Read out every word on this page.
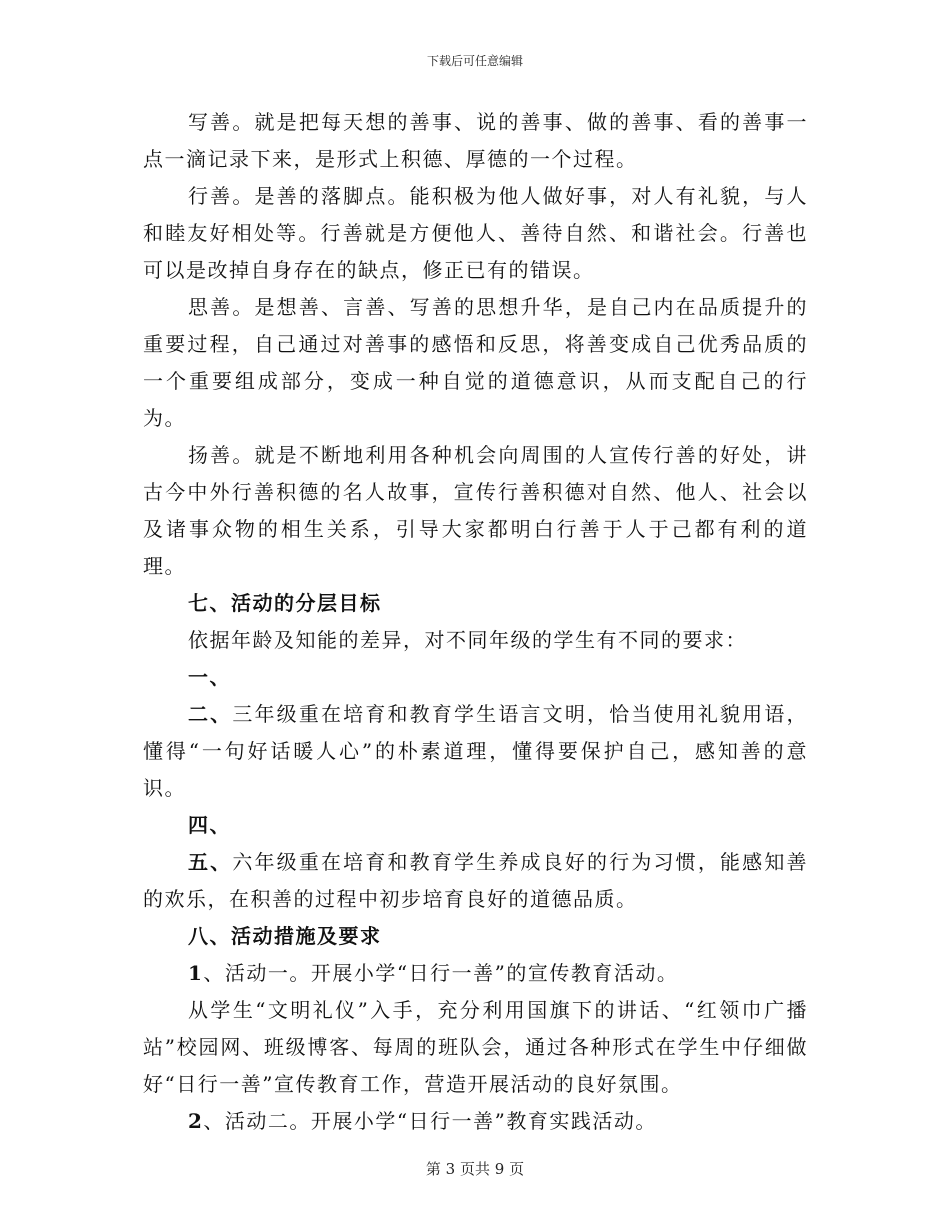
下载后可任意编辑

写善。就是把每天想的善事、说的善事、做的善事、看的善事一点一滴记录下来，是形式上积德、厚德的一个过程。

行善。是善的落脚点。能积极为他人做好事，对人有礼貌，与人和睦友好相处等。行善就是方便他人、善待自然、和谐社会。行善也可以是改掉自身存在的缺点，修正已有的错误。

思善。是想善、言善、写善的思想升华，是自己内在品质提升的重要过程，自己通过对善事的感悟和反思，将善变成自己优秀品质的一个重要组成部分，变成一种自觉的道德意识，从而支配自己的行为。

扬善。就是不断地利用各种机会向周围的人宣传行善的好处，讲古今中外行善积德的名人故事，宣传行善积德对自然、他人、社会以及诸事众物的相生关系，引导大家都明白行善于人于己都有利的道理。

七、活动的分层目标

依据年龄及知能的差异，对不同年级的学生有不同的要求：

一、

二、三年级重在培育和教育学生语言文明，恰当使用礼貌用语，懂得“一句好话暖人心”的朴素道理，懂得要保护自己，感知善的意识。

四、

五、六年级重在培育和教育学生养成良好的行为习惯，能感知善的欢乐，在积善的过程中初步培育良好的道德品质。

八、活动措施及要求

1、活动一。开展小学“日行一善”的宣传教育活动。

从学生“文明礼仪”入手，充分利用国旗下的讲话、“红领巾广播站”校园网、班级博客、每周的班队会，通过各种形式在学生中仔细做好“日行一善”宣传教育工作，营造开展活动的良好氛围。

2、活动二。开展小学“日行一善”教育实践活动。

第 3 页共 9 页
